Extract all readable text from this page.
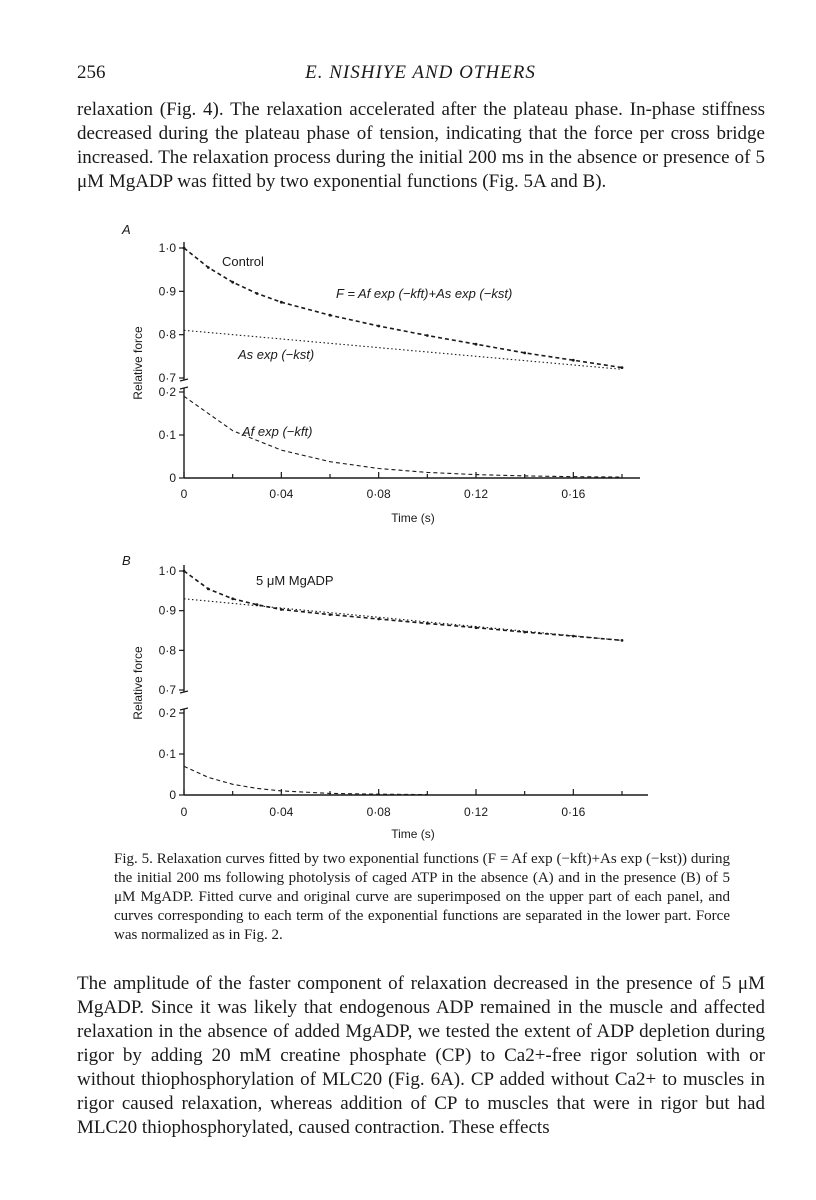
256	E. NISHIYE AND OTHERS

relaxation (Fig. 4). The relaxation accelerated after the plateau phase. In-phase stiffness decreased during the plateau phase of tension, indicating that the force per cross bridge increased. The relaxation process during the initial 200 ms in the absence or presence of 5 μM MgADP was fitted by two exponential functions (Fig. 5A and B).

A
1·0
0·9
0·8
0·7
0·2
0·1
0
0	0·04	0·08	0·12	0·16
Time (s)
Relative force
Control
F = Af exp (−kft)+As exp (−kst)
As exp (−kst)
Af exp (−kft)
B
1·0
0·9
0·8
0·7
0·2
0·1
0
0	0·04	0·08	0·12	0·16
Time (s)
Relative force
5 μM MgADP

Fig. 5. Relaxation curves fitted by two exponential functions (F = Af exp (−kft)+As exp (−kst)) during the initial 200 ms following photolysis of caged ATP in the absence (A) and in the presence (B) of 5 μM MgADP. Fitted curve and original curve are superimposed on the upper part of each panel, and curves corresponding to each term of the exponential functions are separated in the lower part. Force was normalized as in Fig. 2.

The amplitude of the faster component of relaxation decreased in the presence of 5 μM MgADP. Since it was likely that endogenous ADP remained in the muscle and affected relaxation in the absence of added MgADP, we tested the extent of ADP depletion during rigor by adding 20 mM creatine phosphate (CP) to Ca2+-free rigor solution with or without thiophosphorylation of MLC20 (Fig. 6A). CP added without Ca2+ to muscles in rigor caused relaxation, whereas addition of CP to muscles that were in rigor but had MLC20 thiophosphorylated, caused contraction. These effects
